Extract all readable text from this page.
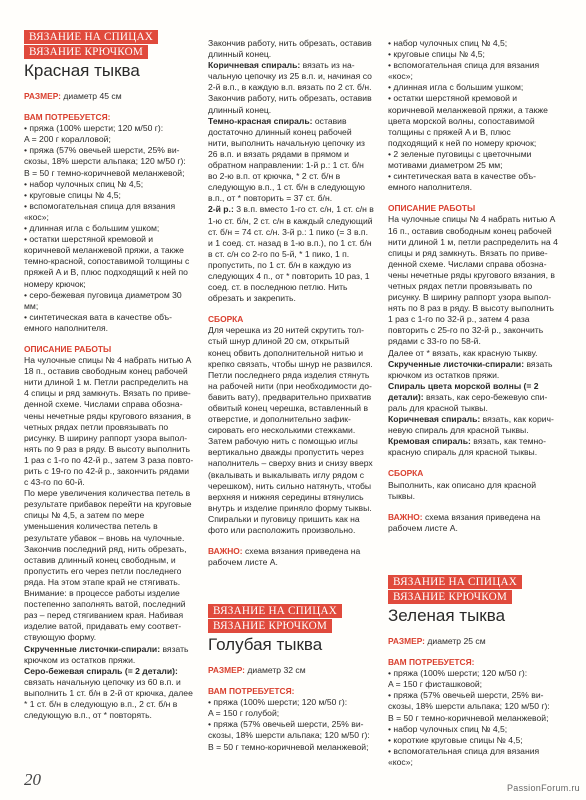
ВЯЗАНИЕ НА СПИЦАХ
ВЯЗАНИЕ КРЮЧКОМ
Красная тыква

РАЗМЕР: диаметр 45 см

ВАМ ПОТРЕБУЕТСЯ:

• пряжа (100% шерсти; 120 м/50 г):

A = 200 г коралловой;

• пряжа (57% овечьей шерсти, 25% вискозы, 18% шерсти альпака; 120 м/50 г):

B = 50 г темно-коричневой меланжевой;

• набор чулочных спиц № 4,5;

• круговые спицы № 4,5;

• вспомогательная спица для вязания «кос»;

• длинная игла с большим ушком;

• остатки шерстяной кремовой и коричневой меланжевой пряжи, а также темно-красной, сопоставимой толщины с пряжей A и B, плюс подходящий к ней по номеру крючок;

• серо-бежевая пуговица диаметром 30 мм;

• синтетическая вата в качестве объемного наполнителя.

ОПИСАНИЕ РАБОТЫ

На чулочные спицы № 4 набрать нитью A 18 п., оставив свободным конец рабочей нити длиной 1 м. Петли распределить на 4 спицы и ряд замкнуть. Вязать по приведенной схеме. Числами справа обозначены нечетные ряды кругового вязания, в четных рядах петли провязывать по рисунку. В ширину раппорт узора выполнять по 9 раз в ряду. В высоту выполнить 1 раз с 1-го по 42-й р., затем 3 раза повторить с 19-го по 42-й р., закончить рядами с 43-го по 60-й.

По мере увеличения количества петель в результате прибавок перейти на круговые спицы № 4,5, а затем по мере уменьшения количества петель в результате убавок – вновь на чулочные. Закончив последний ряд, нить обрезать, оставив длинный конец свободным, и пропустить его через петли последнего ряда. На этом этапе край не стягивать.

Внимание: в процессе работы изделие постепенно заполнять ватой, последний раз – перед стягиванием края. Набивая изделие ватой, придавать ему соответствующую форму.

Скрученные листочки-спирали: вязать крючком из остатков пряжи.

Серо-бежевая спираль (= 2 детали): связать начальную цепочку из 60 в.п. и выполнить 1 ст. б/н в 2-й от крючка, далее * 1 ст. б/н в следующую в.п., 2 ст. б/н в следующую в.п., от * повторять.

Закончив работу, нить обрезать, оставив длинный конец.

Коричневая спираль: вязать из начальную цепочку из 25 в.п. и, начиная со 2-й в.п., в каждую в.п. вязать по 2 ст. б/н. Закончив работу, нить обрезать, оставив длинный конец.

Темно-красная спираль: оставив достаточно длинный конец рабочей нити, выполнить начальную цепочку из 26 в.п. и вязать рядами в прямом и обратном направлении: 1-й р.: 1 ст. б/н во 2-ю в.п. от крючка, * 2 ст. б/н в следующую в.п., 1 ст. б/н в следующую в.п., от * повторить = 37 ст. б/н.

2-й р.: 3 в.п. вместо 1-го ст. с/н, 1 ст. с/н в 1-ю ст. б/н, 2 ст. с/н в каждый следующий ст. б/н = 74 ст. с/н. 3-й р.: 1 пико (= 3 в.п. и 1 соед. ст. назад в 1-ю в.п.), по 1 ст. б/н в ст. с/н со 2-го по 5-й, * 1 пико, 1 п. пропустить, по 1 ст. б/н в каждую из следующих 4 п., от * повторить 10 раз, 1 соед. ст. в последнюю петлю. Нить обрезать и закрепить.

СБОРКА

Для черешка из 20 нитей скрутить толстый шнур длиной 20 см, открытый конец обвить дополнительной нитью и крепко связать, чтобы шнур не развился. Петли последнего ряда изделия стянуть на рабочей нити (при необходимости добавить вату), предварительно прихватив обвитый конец черешка, вставленный в отверстие, и дополнительно зафиксировать его несколькими стежками. Затем рабочую нить с помощью иглы вертикально дважды пропустить через наполнитель – сверху вниз и снизу вверх (вкалывать и выкалывать иглу рядом с черешком), нить сильно натянуть, чтобы верхняя и нижняя середины втянулись внутрь и изделие приняло форму тыквы. Спиральки и пуговицу пришить как на фото или расположить произвольно.

ВАЖНО: схема вязания приведена на рабочем листе A.

ВЯЗАНИЕ НА СПИЦАХ
ВЯЗАНИЕ КРЮЧКОМ
Голубая тыква

РАЗМЕР: диаметр 32 см

ВАМ ПОТРЕБУЕТСЯ:

• пряжа (100% шерсти; 120 м/50 г):

A = 150 г голубой;

• пряжа (57% овечьей шерсти, 25% вискозы, 18% шерсти альпака; 120 м/50 г):

B = 50 г темно-коричневой меланжевой;

• набор чулочных спиц № 4,5;

• круговые спицы № 4,5;

• вспомогательная спица для вязания «кос»;

• длинная игла с большим ушком;

• остатки шерстяной кремовой и коричневой меланжевой пряжи, а также цвета морской волны, сопоставимой толщины с пряжей A и B, плюс подходящий к ней по номеру крючок;

• 2 зеленые пуговицы с цветочными мотивами диаметром 25 мм;

• синтетическая вата в качестве объемного наполнителя.

ОПИСАНИЕ РАБОТЫ

На чулочные спицы № 4 набрать нитью A 16 п., оставив свободным конец рабочей нити длиной 1 м, петли распределить на 4 спицы и ряд замкнуть. Вязать по приведенной схеме. Числами справа обозначены нечетные ряды кругового вязания, в четных рядах петли провязывать по рисунку. В ширину раппорт узора выполнять по 8 раз в ряду. В высоту выполнить 1 раз с 1-го по 32-й р., затем 4 раза повторить с 25-го по 32-й р., закончить рядами с 33-го по 58-й.

Далее от * вязать, как красную тыкву.

Скрученные листочки-спирали: вязать крючком из остатков пряжи.

Спираль цвета морской волны (= 2 детали): вязать, как серо-бежевую спираль для красной тыквы.

Коричневая спираль: вязать, как коричневую спираль для красной тыквы.

Кремовая спираль: вязать, как темно-красную спираль для красной тыквы.

СБОРКА

Выполнить, как описано для красной тыквы.

ВАЖНО: схема вязания приведена на рабочем листе A.

ВЯЗАНИЕ НА СПИЦАХ
ВЯЗАНИЕ КРЮЧКОМ
Зеленая тыква

РАЗМЕР: диаметр 25 см

ВАМ ПОТРЕБУЕТСЯ:

• пряжа (100% шерсти; 120 м/50 г):

A = 150 г фисташковой;

• пряжа (57% овечьей шерсти, 25% вискозы, 18% шерсти альпака; 120 м/50 г):

B = 50 г темно-коричневой меланжевой;

• набор чулочных спиц № 4,5;

• короткие круговые спицы № 4,5;

• вспомогательная спица для вязания «кос»;

20	PassionForum.ru
